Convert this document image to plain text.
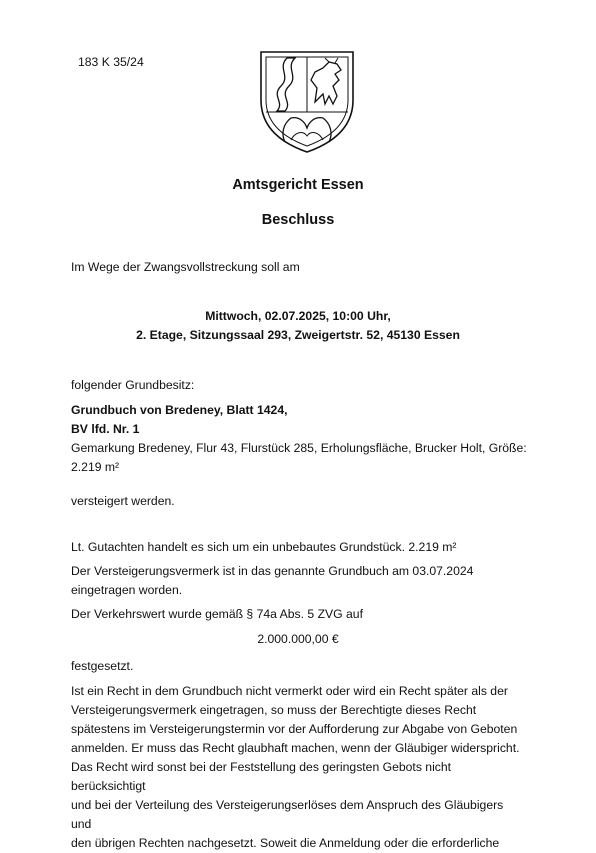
183 K 35/24
Amtsgericht Essen
Beschluss
Im Wege der Zwangsvollstreckung soll am
Mittwoch, 02.07.2025, 10:00 Uhr,
2. Etage, Sitzungssaal 293, Zweigertstr. 52, 45130 Essen
folgender Grundbesitz:
Grundbuch von Bredeney, Blatt 1424,
BV lfd. Nr. 1
Gemarkung Bredeney, Flur 43, Flurstück 285, Erholungsfläche, Brucker Holt, Größe:
2.219 m²
versteigert werden.
Lt. Gutachten handelt es sich um ein unbebautes Grundstück. 2.219 m²
Der Versteigerungsvermerk ist in das genannte Grundbuch am 03.07.2024
eingetragen worden.
Der Verkehrswert wurde gemäß § 74a Abs. 5 ZVG auf
2.000.000,00 €
festgesetzt.
Ist ein Recht in dem Grundbuch nicht vermerkt oder wird ein Recht später als der
Versteigerungsvermerk eingetragen, so muss der Berechtigte dieses Recht
spätestens im Versteigerungstermin vor der Aufforderung zur Abgabe von Geboten
anmelden. Er muss das Recht glaubhaft machen, wenn der Gläubiger widerspricht.
Das Recht wird sonst bei der Feststellung des geringsten Gebots nicht berücksichtigt
und bei der Verteilung des Versteigerungserlöses dem Anspruch des Gläubigers und
den übrigen Rechten nachgesetzt. Soweit die Anmeldung oder die erforderliche
